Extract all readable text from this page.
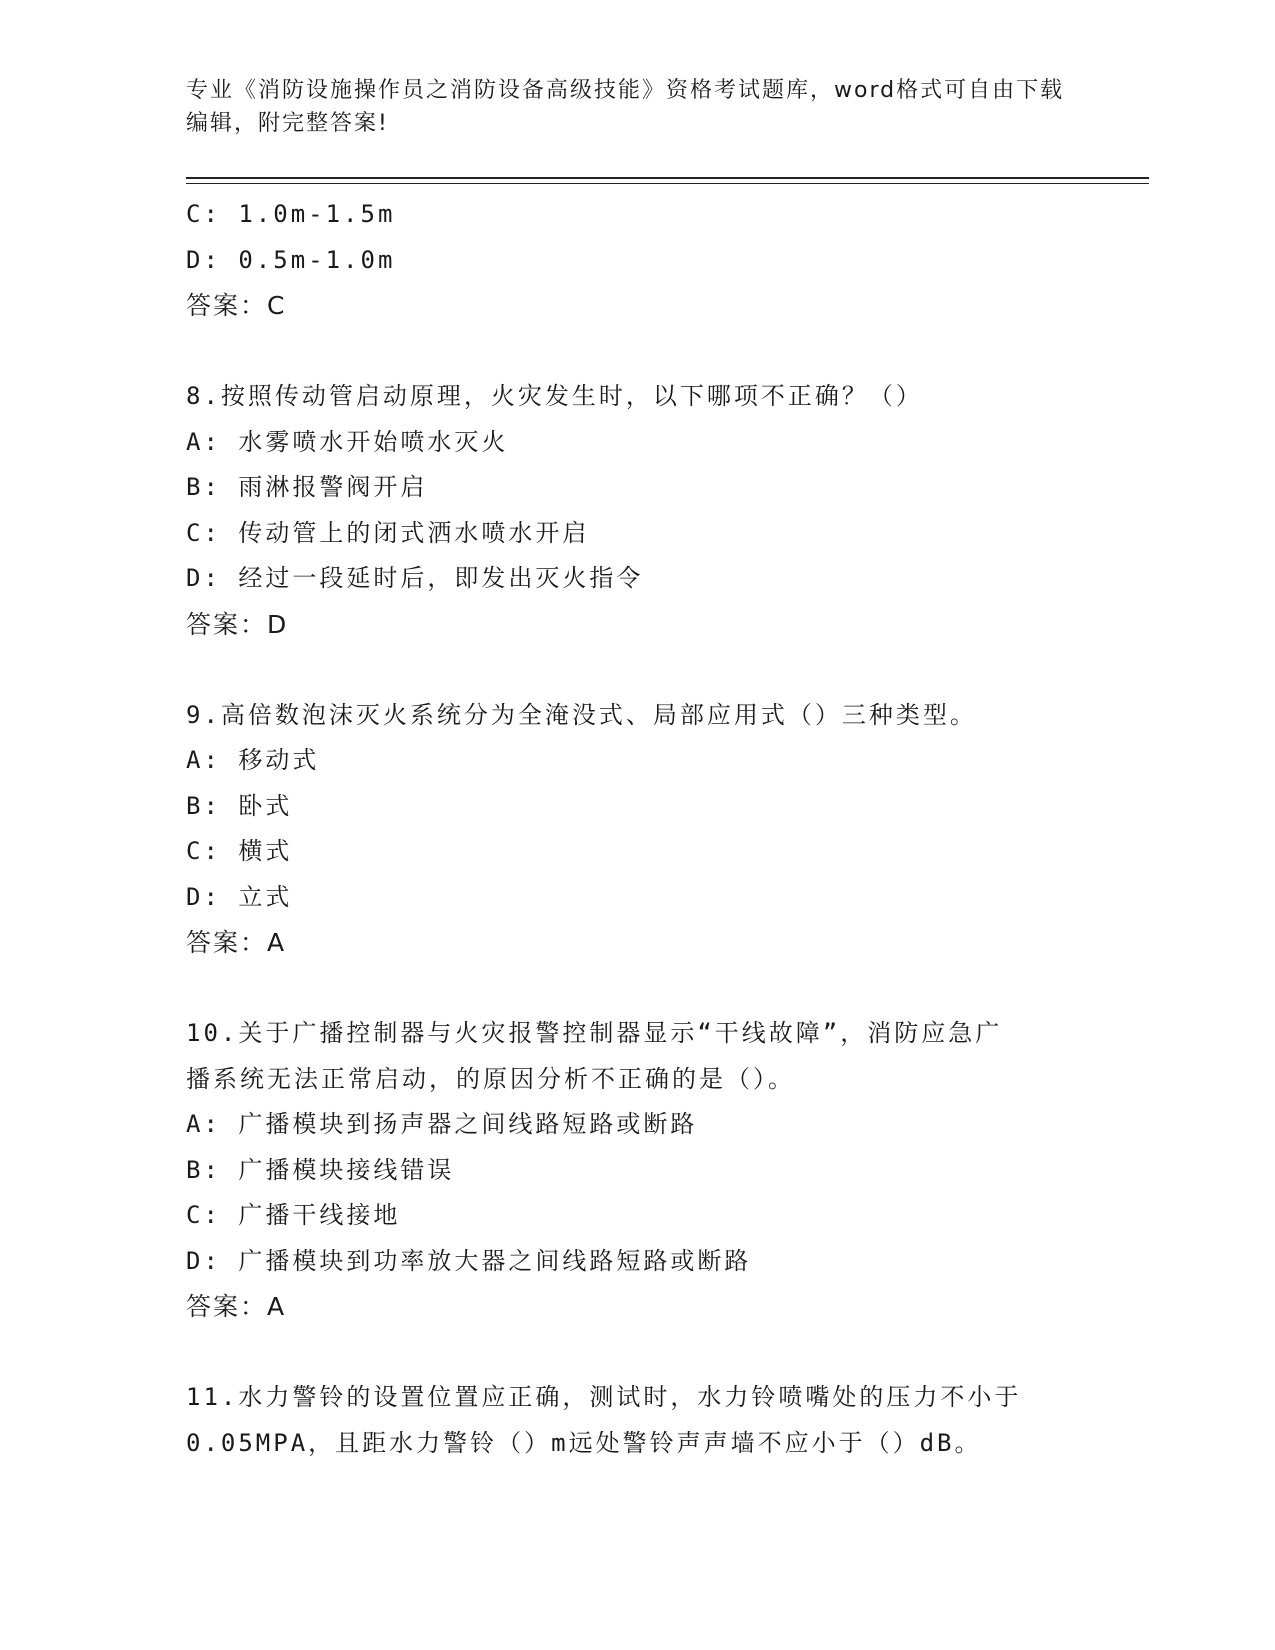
专业《消防设施操作员之消防设备高级技能》资格考试题库，word格式可自由下载编辑，附完整答案!
C: 1.0m-1.5m
D: 0.5m-1.0m
答案：C
8.按照传动管启动原理，火灾发生时，以下哪项不正确？（）
A: 水雾喷水开始喷水灭火
B: 雨淋报警阀开启
C: 传动管上的闭式洒水喷水开启
D: 经过一段延时后，即发出灭火指令
答案：D
9.高倍数泡沫灭火系统分为全淹没式、局部应用式（）三种类型。
A: 移动式
B: 卧式
C: 横式
D: 立式
答案：A
10.关于广播控制器与火灾报警控制器显示“干线故障”，消防应急广
播系统无法正常启动，的原因分析不正确的是（）。
A: 广播模块到扬声器之间线路短路或断路
B: 广播模块接线错误
C: 广播干线接地
D: 广播模块到功率放大器之间线路短路或断路
答案：A
11.水力警铃的设置位置应正确，测试时，水力铃喷嘴处的压力不小于
0.05MPA，且距水力警铃（）m远处警铃声声墙不应小于（）dB。
